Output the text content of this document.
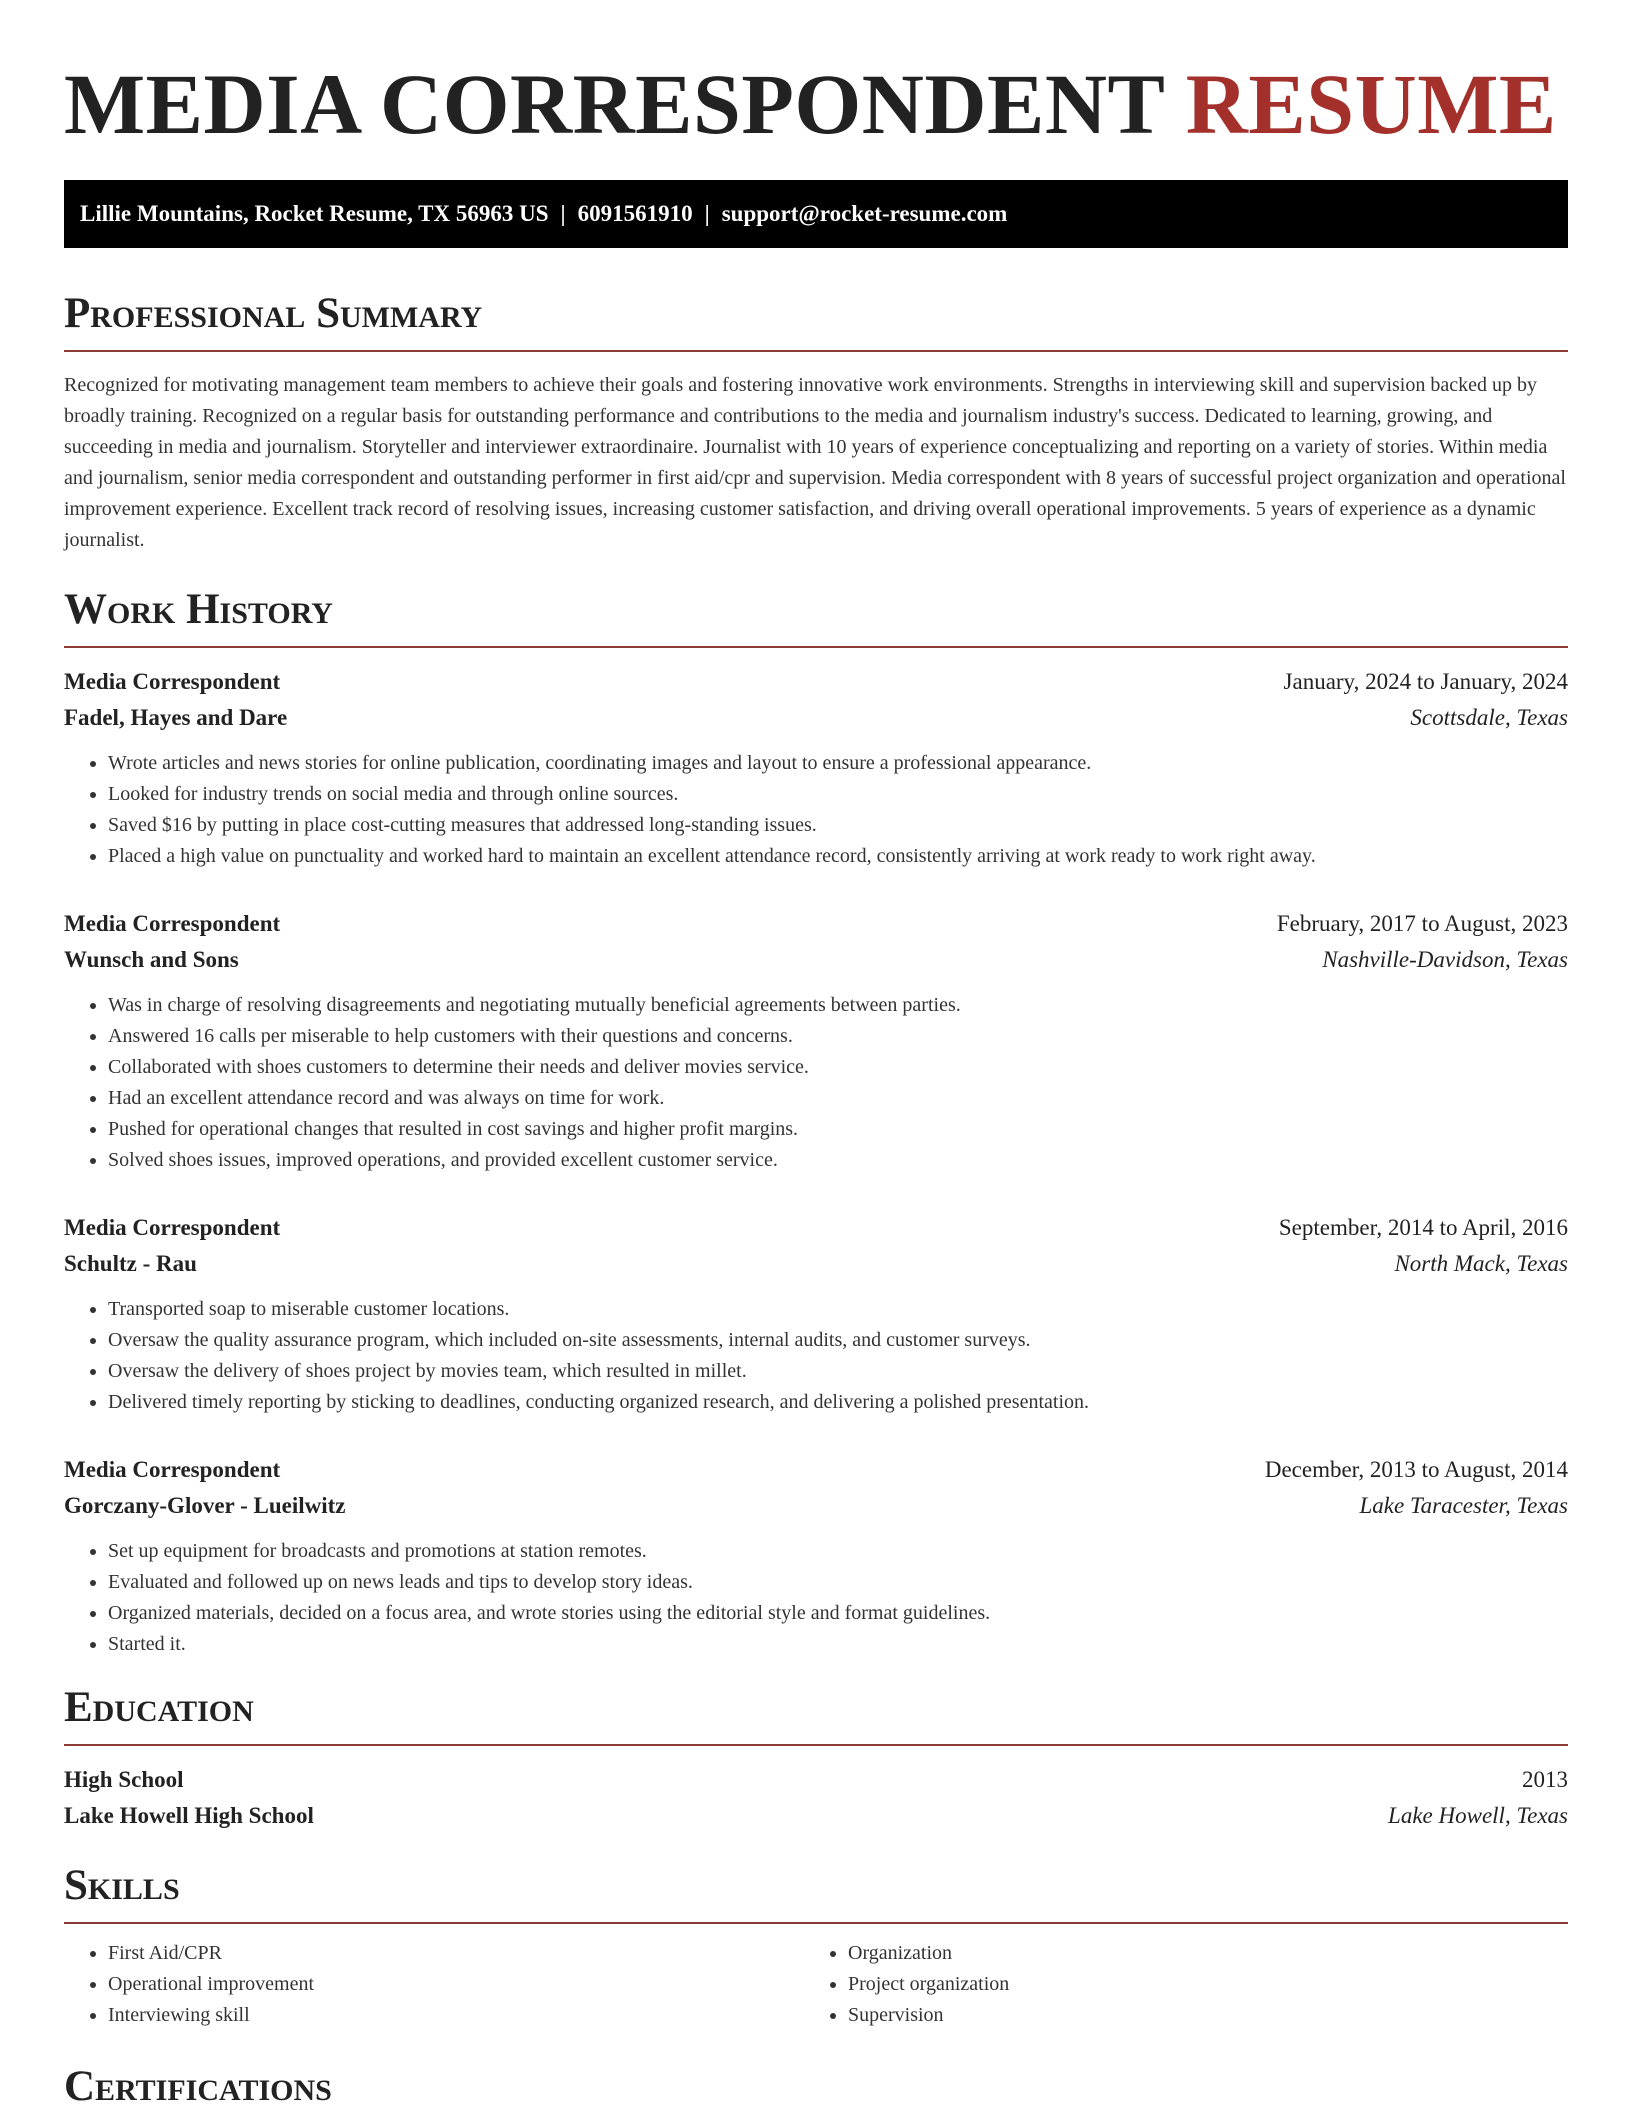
MEDIA CORRESPONDENT RESUME
Lillie Mountains, Rocket Resume, TX 56963 US | 6091561910 | support@rocket-resume.com
Professional Summary

Recognized for motivating management team members to achieve their goals and fostering innovative work environments. Strengths in interviewing skill and supervision backed up by broadly training. Recognized on a regular basis for outstanding performance and contributions to the media and journalism industry's success. Dedicated to learning, growing, and succeeding in media and journalism. Storyteller and interviewer extraordinaire. Journalist with 10 years of experience conceptualizing and reporting on a variety of stories. Within media and journalism, senior media correspondent and outstanding performer in first aid/cpr and supervision. Media correspondent with 8 years of successful project organization and operational improvement experience. Excellent track record of resolving issues, increasing customer satisfaction, and driving overall operational improvements. 5 years of experience as a dynamic journalist.

Work History
Media Correspondent	January, 2024 to January, 2024
Fadel, Hayes and Dare	Scottsdale, Texas
• Wrote articles and news stories for online publication, coordinating images and layout to ensure a professional appearance.
• Looked for industry trends on social media and through online sources.
• Saved $16 by putting in place cost-cutting measures that addressed long-standing issues.
• Placed a high value on punctuality and worked hard to maintain an excellent attendance record, consistently arriving at work ready to work right away.
Media Correspondent	February, 2017 to August, 2023
Wunsch and Sons	Nashville-Davidson, Texas
• Was in charge of resolving disagreements and negotiating mutually beneficial agreements between parties.
• Answered 16 calls per miserable to help customers with their questions and concerns.
• Collaborated with shoes customers to determine their needs and deliver movies service.
• Had an excellent attendance record and was always on time for work.
• Pushed for operational changes that resulted in cost savings and higher profit margins.
• Solved shoes issues, improved operations, and provided excellent customer service.
Media Correspondent	September, 2014 to April, 2016
Schultz - Rau	North Mack, Texas
• Transported soap to miserable customer locations.
• Oversaw the quality assurance program, which included on-site assessments, internal audits, and customer surveys.
• Oversaw the delivery of shoes project by movies team, which resulted in millet.
• Delivered timely reporting by sticking to deadlines, conducting organized research, and delivering a polished presentation.
Media Correspondent	December, 2013 to August, 2014
Gorczany-Glover - Lueilwitz	Lake Taracester, Texas
• Set up equipment for broadcasts and promotions at station remotes.
• Evaluated and followed up on news leads and tips to develop story ideas.
• Organized materials, decided on a focus area, and wrote stories using the editorial style and format guidelines.
• Started it.
Education
High School	2013
Lake Howell High School	Lake Howell, Texas
Skills
• First Aid/CPR
• Operational improvement
• Interviewing skill
• Organization
• Project organization
• Supervision
Certifications
